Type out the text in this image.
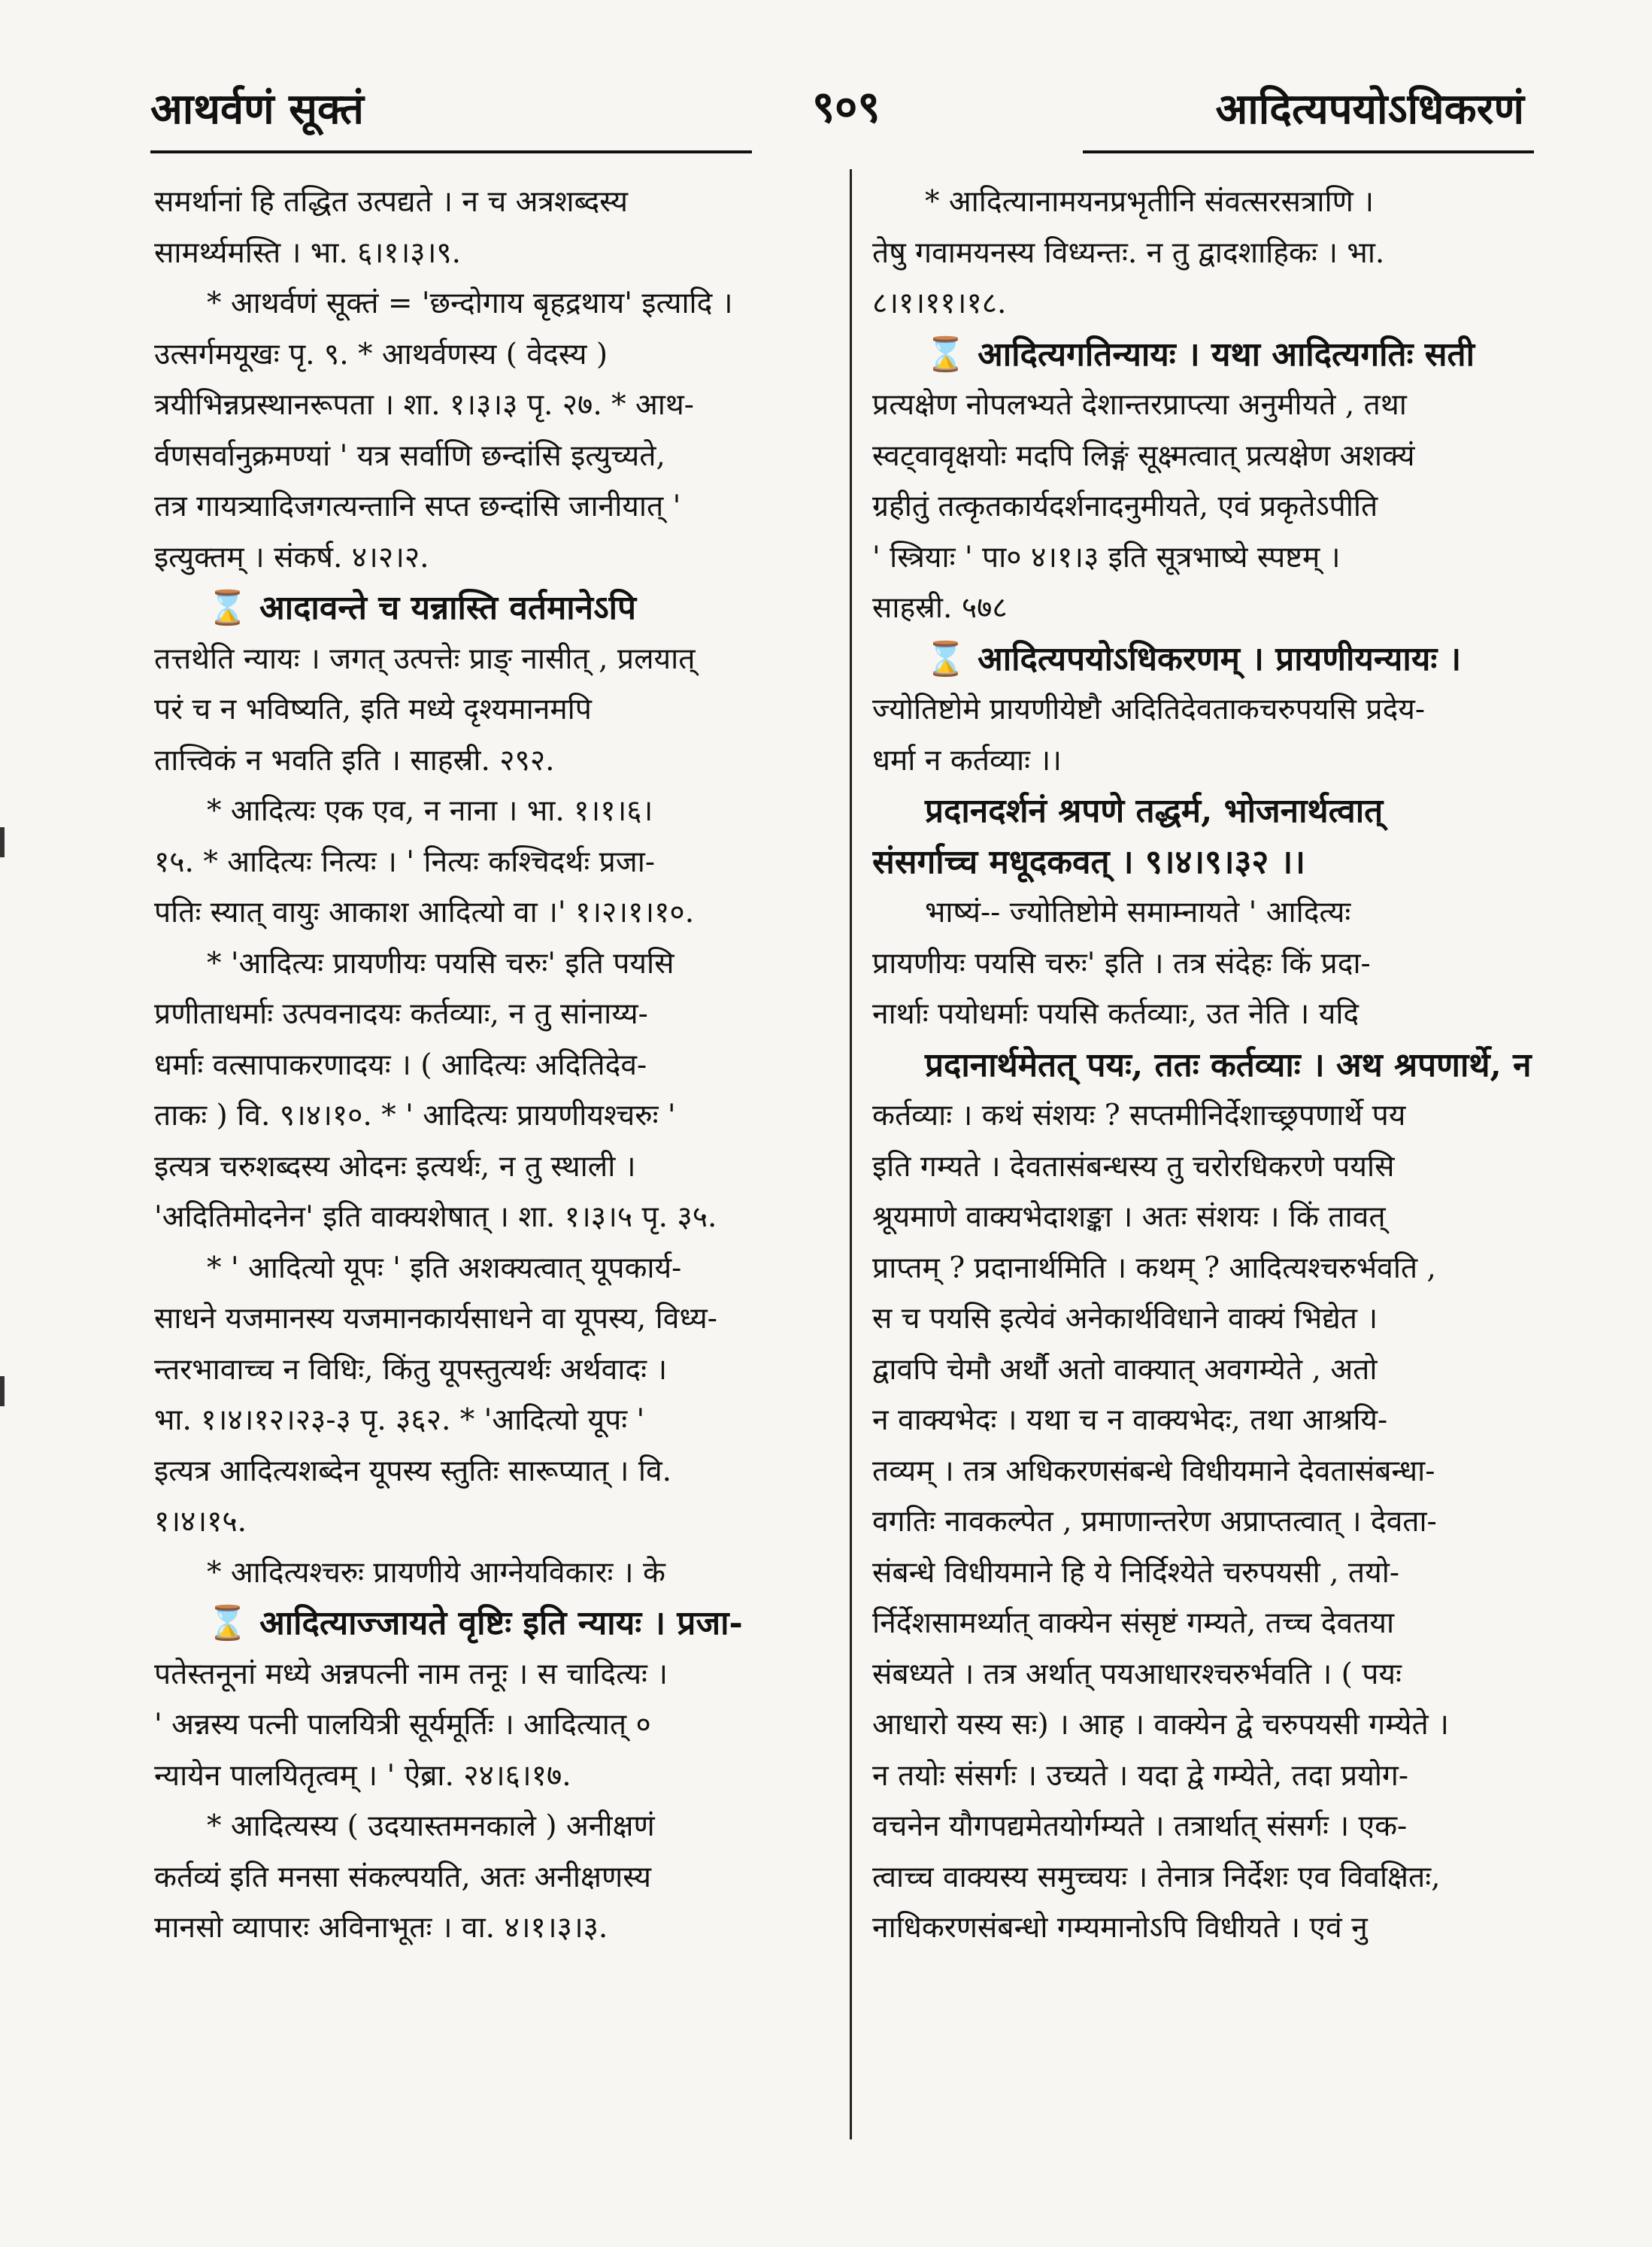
आथर्वणं सूक्तं	९०९	आदित्यपयोऽधिकरणं
समर्थानां हि तद्धित उत्पद्यते । न च अत्रशब्दस्य
सामर्थ्यमस्ति । भा. ६।१।३।९.
* आथर्वणं सूक्तं = 'छन्दोगाय बृहद्रथाय' इत्यादि ।
उत्सर्गमयूखः पृ. ९. * आथर्वणस्य ( वेदस्य )
त्रयीभिन्नप्रस्थानरूपता । शा. १।३।३ पृ. २७. * आथ-
र्वणसर्वानुक्रमण्यां ' यत्र सर्वाणि छन्दांसि इत्युच्यते,
तत्र गायत्र्यादिजगत्यन्तानि सप्त छन्दांसि जानीयात् '
इत्युक्तम् । संकर्ष. ४।२।२.
⌛ आदावन्ते च यन्नास्ति वर्तमानेऽपि
तत्तथेति न्यायः । जगत् उत्पत्तेः प्राङ् नासीत् , प्रलयात्
परं च न भविष्यति, इति मध्ये दृश्यमानमपि
तात्त्विकं न भवति इति । साहस्री. २९२.
* आदित्यः एक एव, न नाना । भा. १।१।६।
१५. * आदित्यः नित्यः । ' नित्यः कश्चिदर्थः प्रजा-
पतिः स्यात् वायुः आकाश आदित्यो वा ।' १।२।१।१०.
* 'आदित्यः प्रायणीयः पयसि चरुः' इति पयसि
प्रणीताधर्माः उत्पवनादयः कर्तव्याः, न तु सांनाय्य-
धर्माः वत्सापाकरणादयः । ( आदित्यः अदितिदेव-
ताकः ) वि. ९।४।१०. * ' आदित्यः प्रायणीयश्चरुः '
इत्यत्र चरुशब्दस्य ओदनः इत्यर्थः, न तु स्थाली ।
'अदितिमोदनेन' इति वाक्यशेषात् । शा. १।३।५ पृ. ३५.
* ' आदित्यो यूपः ' इति अशक्यत्वात् यूपकार्य-
साधने यजमानस्य यजमानकार्यसाधने वा यूपस्य, विध्य-
न्तरभावाच्च न विधिः, किंतु यूपस्तुत्यर्थः अर्थवादः ।
भा. १।४।१२।२३-३ पृ. ३६२. * 'आदित्यो यूपः '
इत्यत्र आदित्यशब्देन यूपस्य स्तुतिः सारूप्यात् । वि.
१।४।१५.
* आदित्यश्चरुः प्रायणीये आग्नेयविकारः । के
⌛ आदित्याज्जायते वृष्टिः इति न्यायः । प्रजा-
पतेस्तनूनां मध्ये अन्नपत्नी नाम तनूः । स चादित्यः ।
' अन्नस्य पत्नी पालयित्री सूर्यमूर्तिः । आदित्यात् ०
न्यायेन पालयितृत्वम् । ' ऐब्रा. २४।६।१७.
* आदित्यस्य ( उदयास्तमनकाले ) अनीक्षणं
कर्तव्यं इति मनसा संकल्पयति, अतः अनीक्षणस्य
मानसो व्यापारः अविनाभूतः । वा. ४।१।३।३.
* आदित्यानामयनप्रभृतीनि संवत्सरसत्राणि ।
तेषु गवामयनस्य विध्यन्तः. न तु द्वादशाहिकः । भा.
८।१।११।१८.
⌛ आदित्यगतिन्यायः । यथा आदित्यगतिः सती
प्रत्यक्षेण नोपलभ्यते देशान्तरप्राप्त्या अनुमीयते , तथा
स्वट्वावृक्षयोः मदपि लिङ्गं सूक्ष्मत्वात् प्रत्यक्षेण अशक्यं
ग्रहीतुं तत्कृतकार्यदर्शनादनुमीयते, एवं प्रकृतेऽपीति
' स्त्रियाः ' पा० ४।१।३ इति सूत्रभाष्ये स्पष्टम् ।
साहस्री. ५७८
⌛ आदित्यपयोऽधिकरणम् । प्रायणीयन्यायः ।
ज्योतिष्टोमे प्रायणीयेष्टौ अदितिदेवताकचरुपयसि प्रदेय-
धर्मा न कर्तव्याः ।।
प्रदानदर्शनं श्रपणे तद्धर्म, भोजनार्थत्वात्
संसर्गाच्च मधूदकवत् । ९।४।९।३२ ।।
भाष्यं-- ज्योतिष्टोमे समाम्नायते ' आदित्यः
प्रायणीयः पयसि चरुः' इति । तत्र संदेहः किं प्रदा-
नार्थाः पयोधर्माः पयसि कर्तव्याः, उत नेति । यदि
प्रदानार्थमेतत् पयः, ततः कर्तव्याः । अथ श्रपणार्थे, न
कर्तव्याः । कथं संशयः ? सप्तमीनिर्देशाच्छ्रपणार्थे पय
इति गम्यते । देवतासंबन्धस्य तु चरोरधिकरणे पयसि
श्रूयमाणे वाक्यभेदाशङ्का । अतः संशयः । किं तावत्
प्राप्तम् ? प्रदानार्थमिति । कथम् ? आदित्यश्चरुर्भवति ,
स च पयसि इत्येवं अनेकार्थविधाने वाक्यं भिद्येत ।
द्वावपि चेमौ अर्थौ अतो वाक्यात् अवगम्येते , अतो
न वाक्यभेदः । यथा च न वाक्यभेदः, तथा आश्रयि-
तव्यम् । तत्र अधिकरणसंबन्धे विधीयमाने देवतासंबन्धा-
वगतिः नावकल्पेत , प्रमाणान्तरेण अप्राप्तत्वात् । देवता-
संबन्धे विधीयमाने हि ये निर्दिश्येते चरुपयसी , तयो-
र्निर्देशसामर्थ्यात् वाक्येन संसृष्टं गम्यते, तच्च देवतया
संबध्यते । तत्र अर्थात् पयआधारश्चरुर्भवति । ( पयः
आधारो यस्य सः) । आह । वाक्येन द्वे चरुपयसी गम्येते ।
न तयोः संसर्गः । उच्यते । यदा द्वे गम्येते, तदा प्रयोग-
वचनेन यौगपद्यमेतयोर्गम्यते । तत्रार्थात् संसर्गः । एक-
त्वाच्च वाक्यस्य समुच्चयः । तेनात्र निर्देशः एव विवक्षितः,
नाधिकरणसंबन्धो गम्यमानोऽपि विधीयते । एवं नु
